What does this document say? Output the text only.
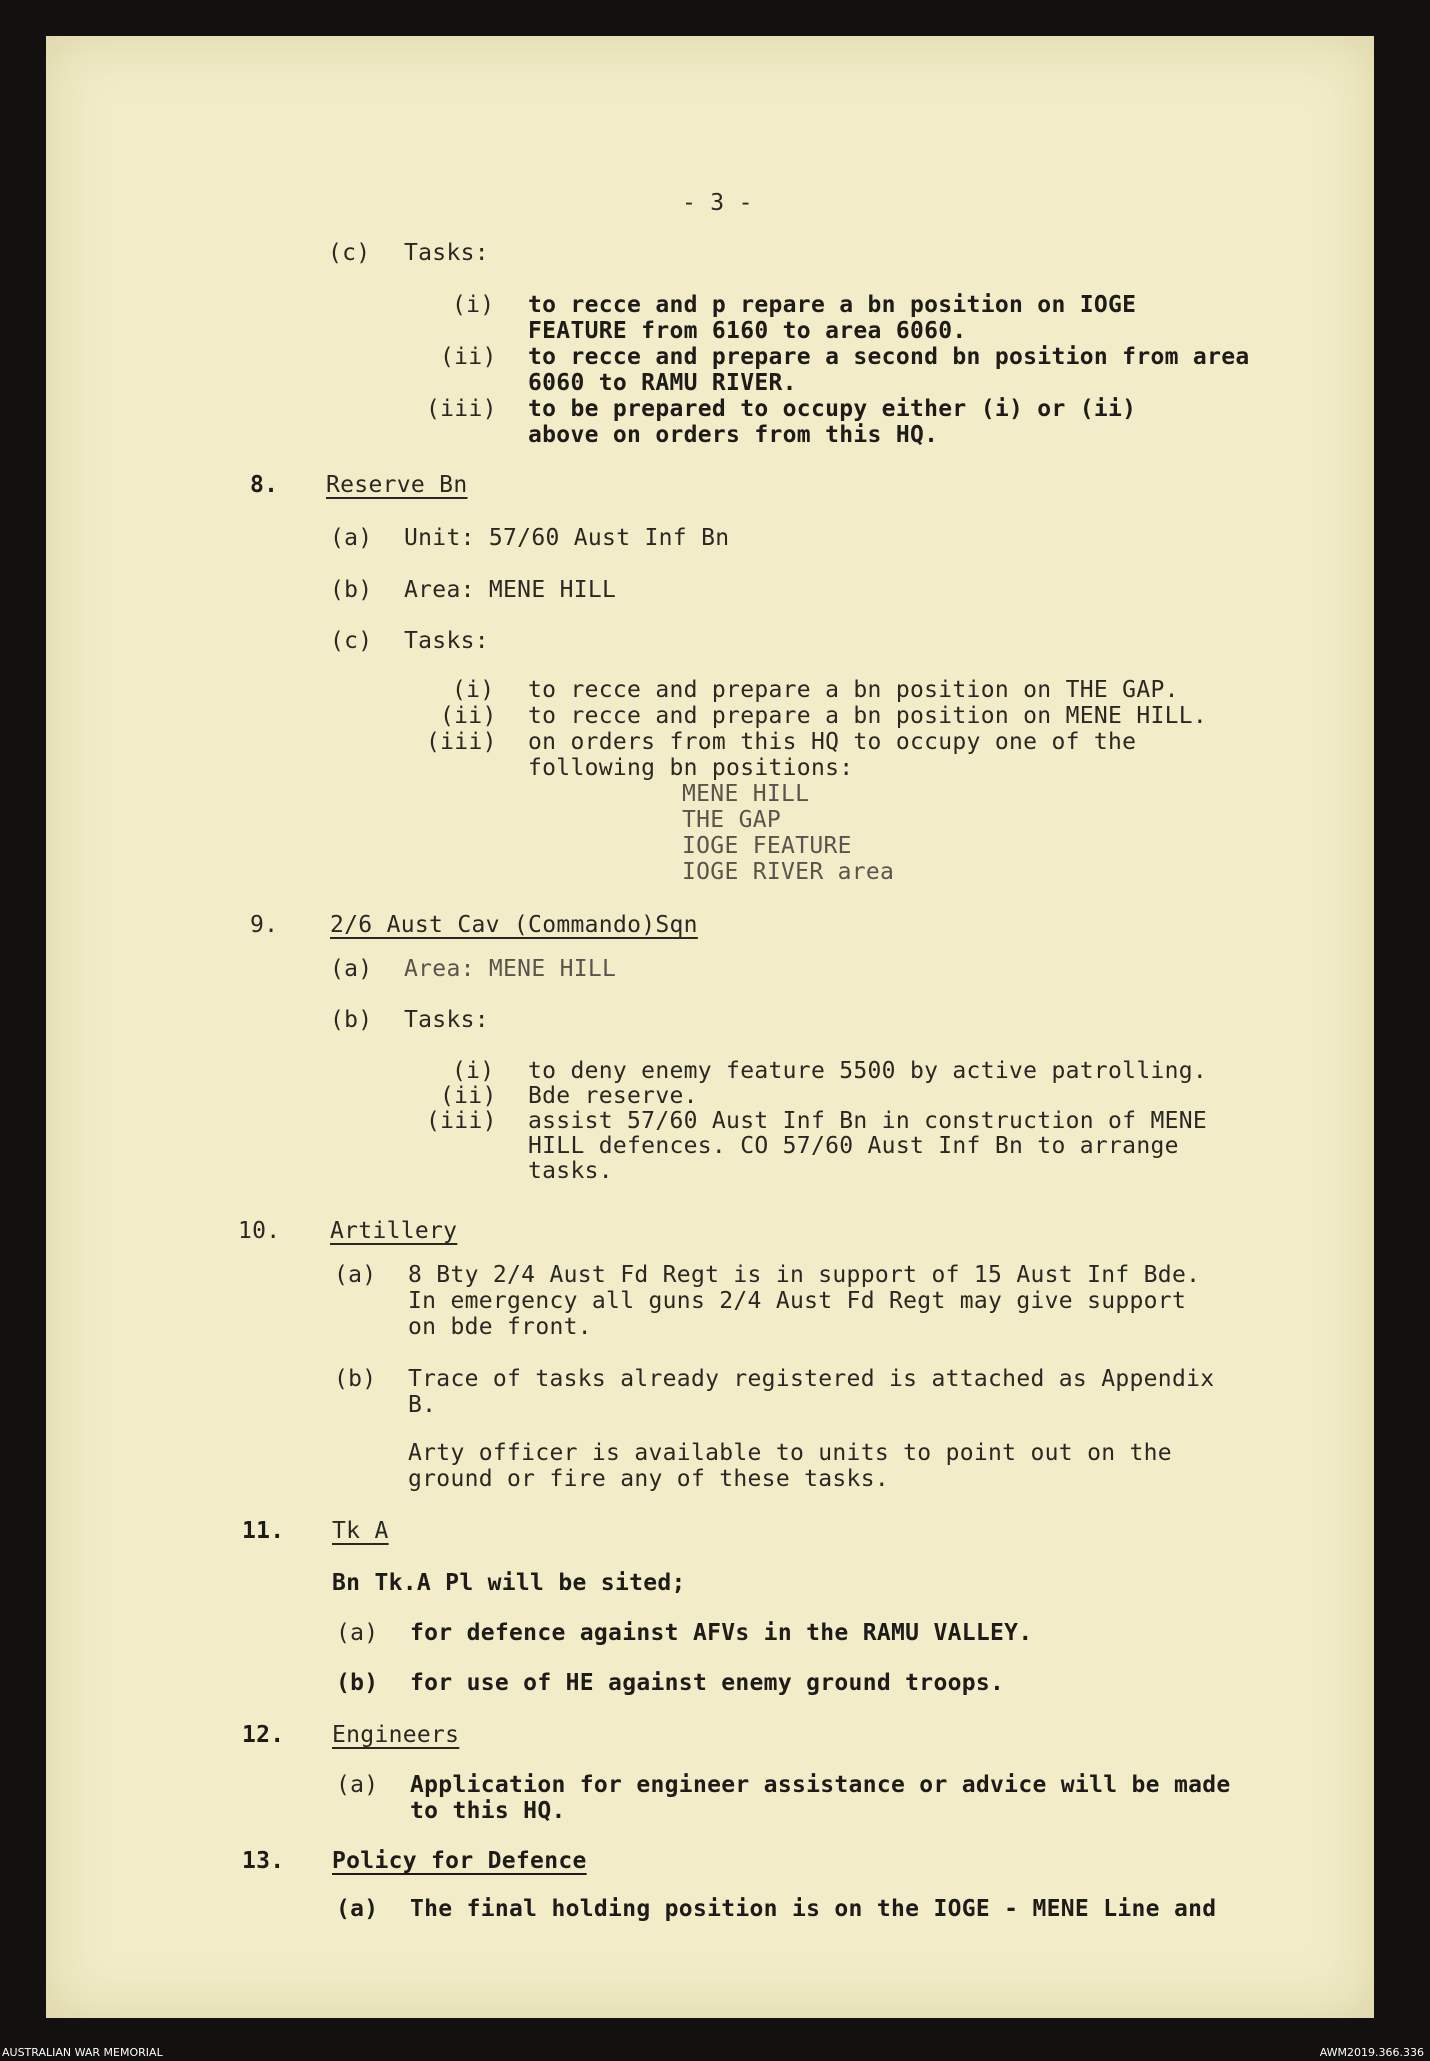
- 3 -
(c) Tasks:
(i) to recce and p repare a bn position on IOGE
FEATURE from 6160 to area 6060.
(ii) to recce and prepare a second bn position from area
6060 to RAMU RIVER.
(iii) to be prepared to occupy either (i) or (ii)
above on orders from this HQ.
8. Reserve Bn
(a) Unit: 57/60 Aust Inf Bn
(b) Area: MENE HILL
(c) Tasks:
(i) to recce and prepare a bn position on THE GAP.
(ii) to recce and prepare a bn position on MENE HILL.
(iii) on orders from this HQ to occupy one of the
following bn positions:
MENE HILL
THE GAP
IOGE FEATURE
IOGE RIVER area
9. 2/6 Aust Cav (Commando)Sqn
(a) Area: MENE HILL
(b) Tasks:
(i) to deny enemy feature 5500 by active patrolling.
(ii) Bde reserve.
(iii) assist 57/60 Aust Inf Bn in construction of MENE
HILL defences. CO 57/60 Aust Inf Bn to arrange
tasks.
10. Artillery
(a) 8 Bty 2/4 Aust Fd Regt is in support of 15 Aust Inf Bde.
In emergency all guns 2/4 Aust Fd Regt may give support
on bde front.
(b) Trace of tasks already registered is attached as Appendix
B.
Arty officer is available to units to point out on the
ground or fire any of these tasks.
11. Tk A
Bn Tk.A Pl will be sited;
(a) for defence against AFVs in the RAMU VALLEY.
(b) for use of HE against enemy ground troops.
12. Engineers
(a) Application for engineer assistance or advice will be made
to this HQ.
13. Policy for Defence
(a) The final holding position is on the IOGE - MENE Line and
AUSTRALIAN WAR MEMORIAL	AWM2019.366.336
